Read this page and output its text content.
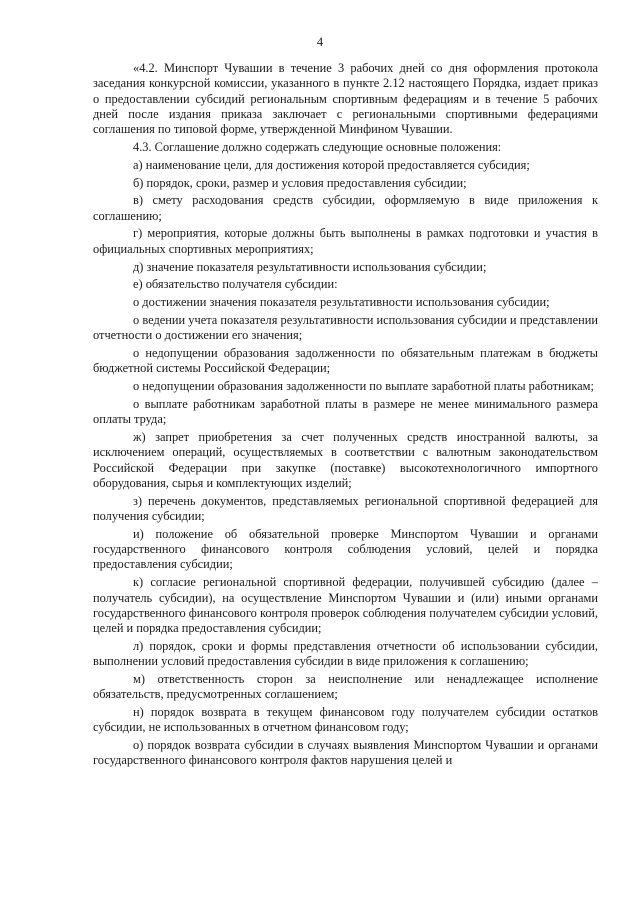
4

«4.2. Минспорт Чувашии в течение 3 рабочих дней со дня оформления протокола заседания конкурсной комиссии, указанного в пункте 2.12 настоящего Порядка, издает приказ о предоставлении субсидий региональным спортивным федерациям и в течение 5 рабочих дней после издания приказа заключает с региональными спортивными федерациями соглашения по типовой форме, утвержденной Минфином Чувашии.

4.3. Соглашение должно содержать следующие основные положения:

а) наименование цели, для достижения которой предоставляется субсидия;

б) порядок, сроки, размер и условия предоставления субсидии;

в) смету расходования средств субсидии, оформляемую в виде приложения к соглашению;

г) мероприятия, которые должны быть выполнены в рамках подготовки и участия в официальных спортивных мероприятиях;

д) значение показателя результативности использования субсидии;

е) обязательство получателя субсидии:

о достижении значения показателя результативности использования субсидии;

о ведении учета показателя результативности использования субсидии и представлении отчетности о достижении его значения;

о недопущении образования задолженности по обязательным платежам в бюджеты бюджетной системы Российской Федерации;

о недопущении образования задолженности по выплате заработной платы работникам;

о выплате работникам заработной платы в размере не менее минимального размера оплаты труда;

ж) запрет приобретения за счет полученных средств иностранной валюты, за исключением операций, осуществляемых в соответствии с валютным законодательством Российской Федерации при закупке (поставке) высокотехнологичного импортного оборудования, сырья и комплектующих изделий;

з) перечень документов, представляемых региональной спортивной федерацией для получения субсидии;

и) положение об обязательной проверке Минспортом Чувашии и органами государственного финансового контроля соблюдения условий, целей и порядка предоставления субсидии;

к) согласие региональной спортивной федерации, получившей субсидию (далее – получатель субсидии), на осуществление Минспортом Чувашии и (или) иными органами государственного финансового контроля проверок соблюдения получателем субсидии условий, целей и порядка предоставления субсидии;

л) порядок, сроки и формы представления отчетности об использовании субсидии, выполнении условий предоставления субсидии в виде приложения к соглашению;

м) ответственность сторон за неисполнение или ненадлежащее исполнение обязательств, предусмотренных соглашением;

н) порядок возврата в текущем финансовом году получателем субсидии остатков субсидии, не использованных в отчетном финансовом году;

о) порядок возврата субсидии в случаях выявления Минспортом Чувашии и органами государственного финансового контроля фактов нарушения целей и
